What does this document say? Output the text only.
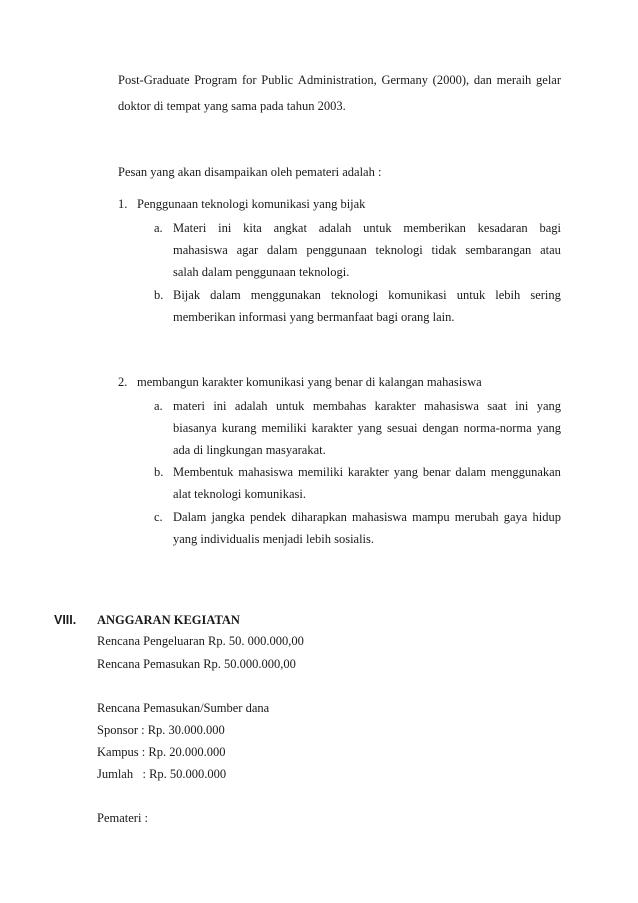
Post-Graduate Program for Public Administration, Germany (2000), dan meraih gelar
doktor di tempat yang sama pada tahun 2003.
Pesan yang akan disampaikan oleh pemateri adalah :
1. Penggunaan teknologi komunikasi yang bijak
a. Materi ini kita angkat adalah untuk memberikan kesadaran bagi
mahasiswa agar dalam penggunaan teknologi tidak sembarangan atau
salah dalam penggunaan teknologi.
b. Bijak dalam menggunakan teknologi komunikasi untuk lebih sering
memberikan informasi yang bermanfaat bagi orang lain.
2. membangun karakter komunikasi yang benar di kalangan mahasiswa
a. materi ini adalah untuk membahas karakter mahasiswa saat ini yang
biasanya kurang memiliki karakter yang sesuai dengan norma-norma yang
ada di lingkungan masyarakat.
b. Membentuk mahasiswa memiliki karakter yang benar dalam menggunakan
alat teknologi komunikasi.
c. Dalam jangka pendek diharapkan mahasiswa mampu merubah gaya hidup
yang individualis menjadi lebih sosialis.
VIII. ANGGARAN KEGIATAN
Rencana Pengeluaran Rp. 50. 000.000,00
Rencana Pemasukan Rp. 50.000.000,00
Rencana Pemasukan/Sumber dana
Sponsor : Rp. 30.000.000
Kampus : Rp. 20.000.000
Jumlah   : Rp. 50.000.000
Pemateri :
